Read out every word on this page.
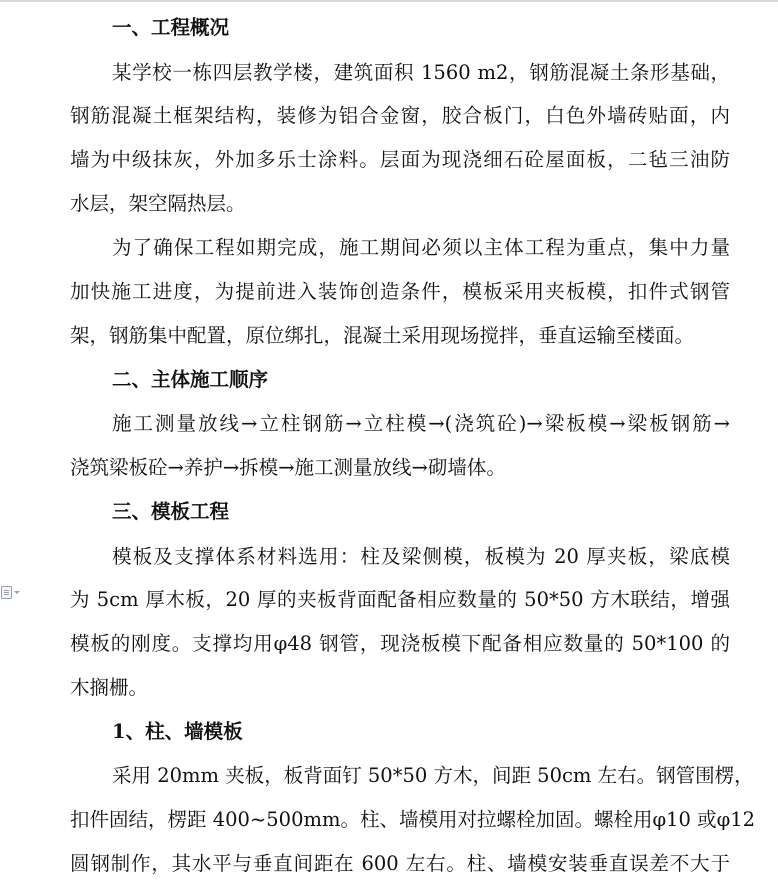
一、工程概况
某学校一栋四层教学楼，建筑面积 1560 m2，钢筋混凝土条形基础，
钢筋混凝土框架结构，装修为铝合金窗，胶合板门，白色外墙砖贴面，内
墙为中级抹灰，外加多乐士涂料。层面为现浇细石砼屋面板，二毡三油防
水层，架空隔热层。
为了确保工程如期完成，施工期间必须以主体工程为重点，集中力量
加快施工进度，为提前进入装饰创造条件，模板采用夹板模，扣件式钢管
架，钢筋集中配置，原位绑扎，混凝土采用现场搅拌，垂直运输至楼面。
二、主体施工顺序
施工测量放线→立柱钢筋→立柱模→(浇筑砼)→梁板模→梁板钢筋→
浇筑梁板砼→养护→拆模→施工测量放线→砌墙体。
三、模板工程
模板及支撑体系材料选用：柱及梁侧模，板模为 20 厚夹板，梁底模
为 5cm 厚木板，20 厚的夹板背面配备相应数量的 50*50 方木联结，增强
模板的刚度。支撑均用φ48 钢管，现浇板模下配备相应数量的 50*100 的
木搁栅。
1、柱、墙模板
采用 20mm 夹板，板背面钉 50*50 方木，间距 50cm 左右。钢管围楞，
扣件固结，楞距 400~500mm。柱、墙模用对拉螺栓加固。螺栓用φ10 或φ12
圆钢制作，其水平与垂直间距在 600 左右。柱、墙模安装垂直误差不大于
